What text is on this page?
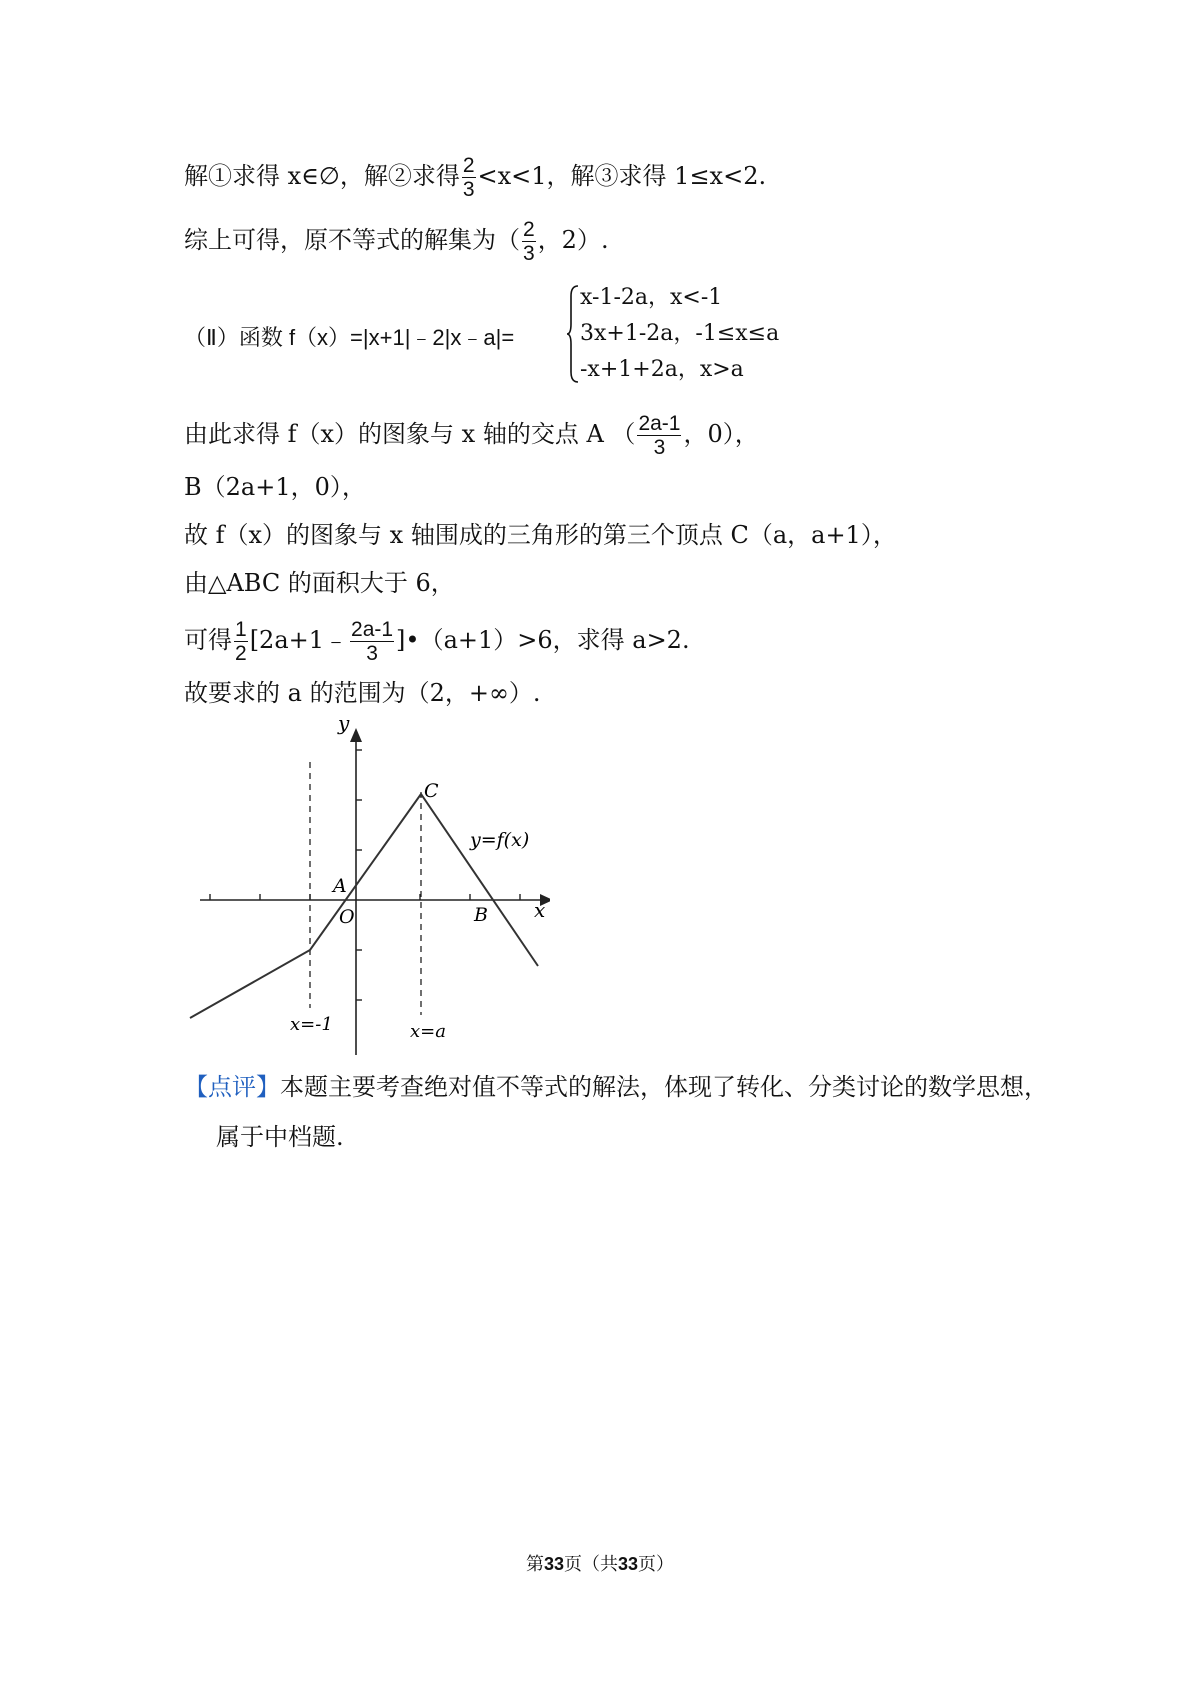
解①求得 x∈∅，解②求得 $\frac{2}{3} <x<1$，解③求得 1≤x<2.
综上可得，原不等式的解集为（ $\frac{2}{3}$ ，2）.
（Ⅱ）函数 f（x）=|x+1|﹣2|x﹣a|=
x-1-2a，x<-1
3x+1-2a，-1≤x≤a
-x+1+2a，x>a
由此求得 f（x）的图象与 x 轴的交点 A （ $\frac{2a-1}{3}$ ，0），
B（2a+1，0），
故 f（x）的图象与 x 轴围成的三角形的第三个顶点 C（a，a+1），
由△ABC 的面积大于 6，
可得 $\frac{1}{2}$ [2a+1﹣ $\frac{2a-1}{3}$ ]•（a+1）>6，求得 a>2.
故要求的 a 的范围为（2，+∞）.
y
x
O
A
B
C
y=f(x)
x=-1	x=a
【点评】本题主要考查绝对值不等式的解法，体现了转化、分类讨论的数学思想，
属于中档题.
第33页（共33页）
